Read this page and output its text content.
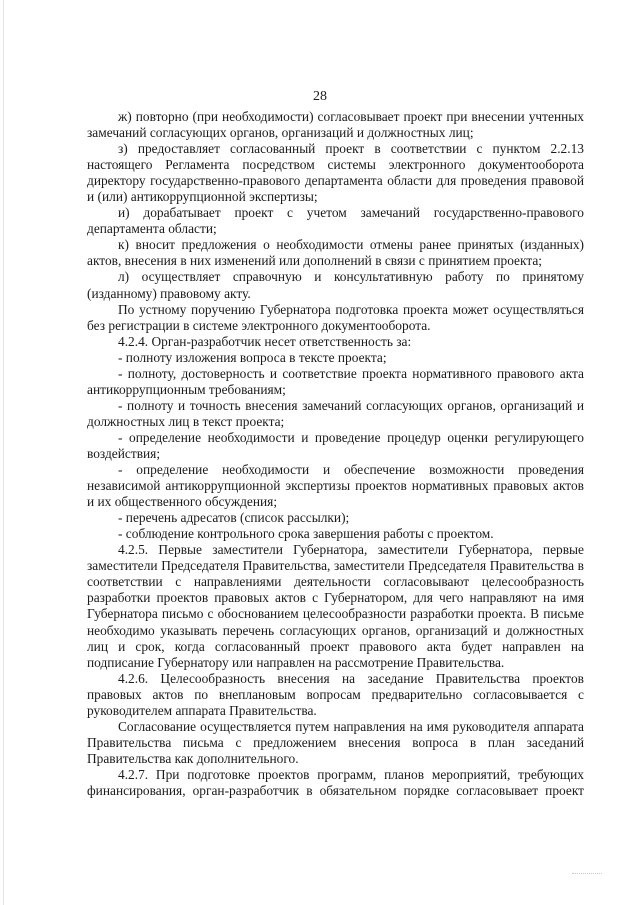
28

ж) повторно (при необходимости) согласовывает проект при внесении учтенных замечаний согласующих органов, организаций и должностных лиц;

з) предоставляет согласованный проект в соответствии с пунктом 2.2.13 настоящего Регламента посредством системы электронного документооборота директору государственно-правового департамента области для проведения правовой и (или) антикоррупционной экспертизы;

и) дорабатывает проект с учетом замечаний государственно-правового департамента области;

к) вносит предложения о необходимости отмены ранее принятых (изданных) актов, внесения в них изменений или дополнений в связи с принятием проекта;

л) осуществляет справочную и консультативную работу по принятому (изданному) правовому акту.

По устному поручению Губернатора подготовка проекта может осуществляться без регистрации в системе электронного документооборота.

4.2.4. Орган-разработчик несет ответственность за:

- полноту изложения вопроса в тексте проекта;

- полноту, достоверность и соответствие проекта нормативного правового акта антикоррупционным требованиям;

- полноту и точность внесения замечаний согласующих органов, организаций и должностных лиц в текст проекта;

- определение необходимости и проведение процедур оценки регулирующего воздействия;

- определение необходимости и обеспечение возможности проведения независимой антикоррупционной экспертизы проектов нормативных правовых актов и их общественного обсуждения;

- перечень адресатов (список рассылки);

- соблюдение контрольного срока завершения работы с проектом.

4.2.5. Первые заместители Губернатора, заместители Губернатора, первые заместители Председателя Правительства, заместители Председателя Правительства в соответствии с направлениями деятельности согласовывают целесообразность разработки проектов правовых актов с Губернатором, для чего направляют на имя Губернатора письмо с обоснованием целесообразности разработки проекта. В письме необходимо указывать перечень согласующих органов, организаций и должностных лиц и срок, когда согласованный проект правового акта будет направлен на подписание Губернатору или направлен на рассмотрение Правительства.

4.2.6. Целесообразность внесения на заседание Правительства проектов правовых актов по внеплановым вопросам предварительно согласовывается с руководителем аппарата Правительства.

Согласование осуществляется путем направления на имя руководителя аппарата Правительства письма с предложением внесения вопроса в план заседаний Правительства как дополнительного.

4.2.7. При подготовке проектов программ, планов мероприятий, требующих финансирования, орган-разработчик в обязательном порядке согласовывает проект
